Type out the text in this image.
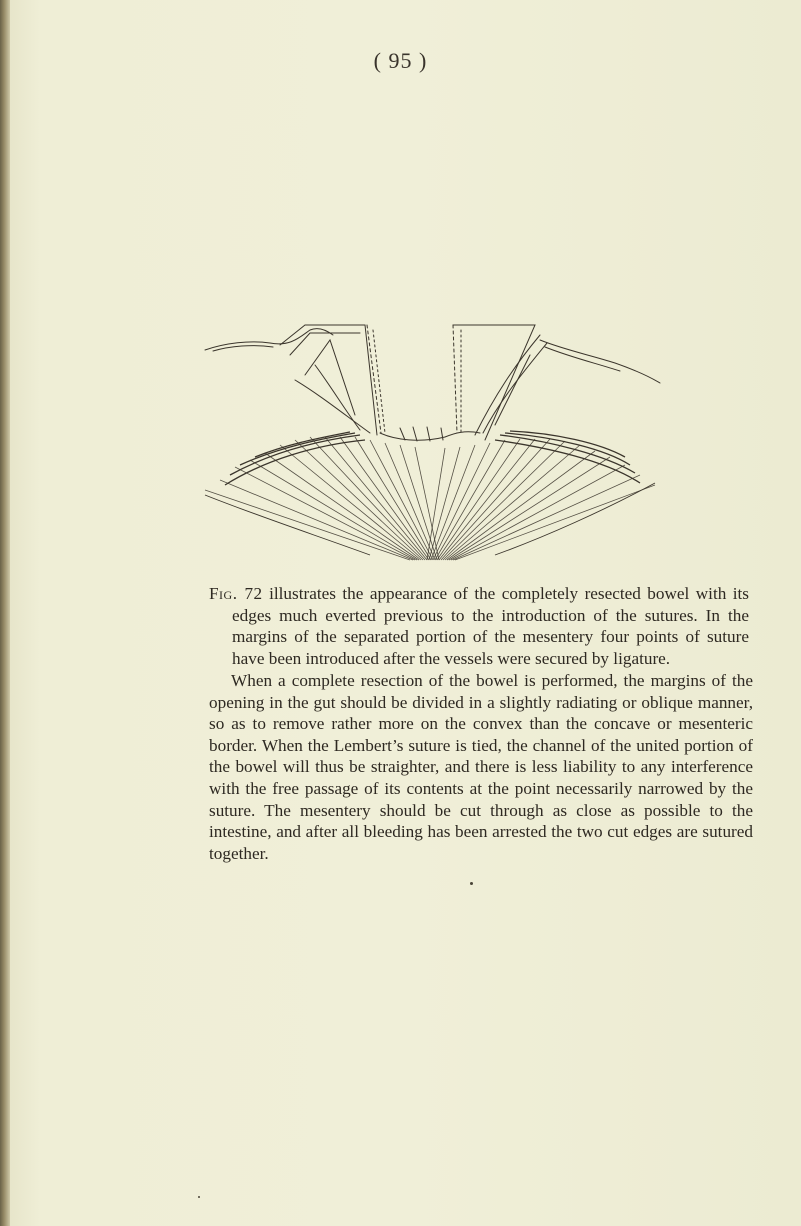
( 95 )

Fig. 72 illustrates the appearance of the completely resected bowel with its edges much everted previous to the introduction of the sutures. In the margins of the separated portion of the mesentery four points of suture have been introduced after the vessels were secured by ligature.

When a complete resection of the bowel is performed, the margins of the opening in the gut should be divided in a slightly radiating or oblique manner, so as to remove rather more on the convex than the concave or mesenteric border. When the Lembert’s suture is tied, the channel of the united portion of the bowel will thus be straighter, and there is less liability to any interference with the free passage of its contents at the point necessarily narrowed by the suture. The mesentery should be cut through as close as possible to the intestine, and after all bleeding has been arrested the two cut edges are sutured together.
